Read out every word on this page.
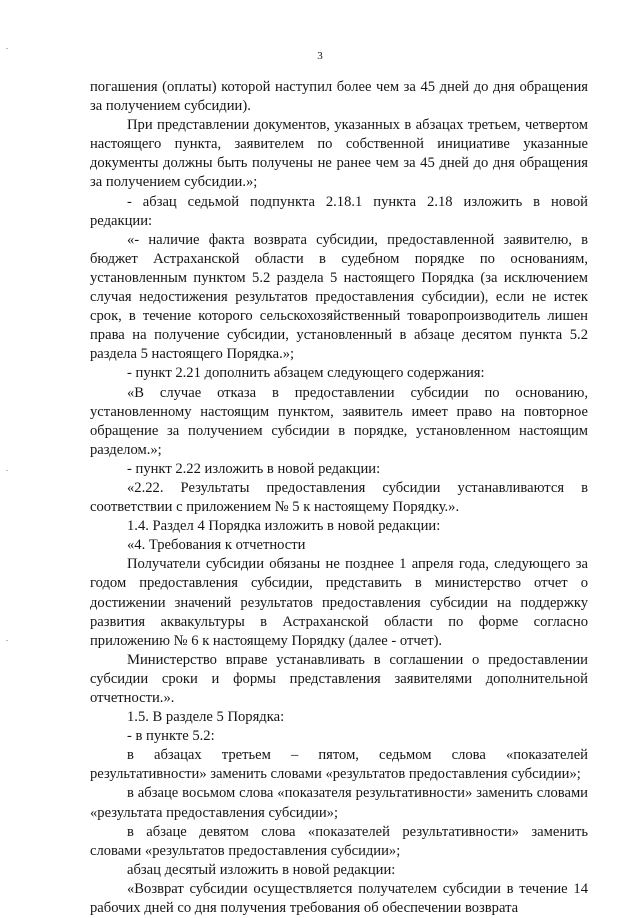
3

погашения (оплаты) которой наступил более чем за 45 дней до дня обращения за получением субсидии).

При представлении документов, указанных в абзацах третьем, четвертом настоящего пункта, заявителем по собственной инициативе указанные документы должны быть получены не ранее чем за 45 дней до дня обращения за получением субсидии.»;

- абзац седьмой подпункта 2.18.1 пункта 2.18 изложить в новой редакции:

«- наличие факта возврата субсидии, предоставленной заявителю, в бюджет Астраханской области в судебном порядке по основаниям, установленным пунктом 5.2 раздела 5 настоящего Порядка (за исключением случая недостижения результатов предоставления субсидии), если не истек срок, в течение которого сельскохозяйственный товаропроизводитель лишен права на получение субсидии, установленный в абзаце десятом пункта 5.2 раздела 5 настоящего Порядка.»;

- пункт 2.21 дополнить абзацем следующего содержания:

«В случае отказа в предоставлении субсидии по основанию, установленному настоящим пунктом, заявитель имеет право на повторное обращение за получением субсидии в порядке, установленном настоящим разделом.»;

- пункт 2.22 изложить в новой редакции:

«2.22. Результаты предоставления субсидии устанавливаются в соответствии с приложением № 5 к настоящему Порядку.».

1.4. Раздел 4 Порядка изложить в новой редакции:

«4. Требования к отчетности

Получатели субсидии обязаны не позднее 1 апреля года, следующего за годом предоставления субсидии, представить в министерство отчет о достижении значений результатов предоставления субсидии на поддержку развития аквакультуры в Астраханской области по форме согласно приложению № 6 к настоящему Порядку (далее - отчет).

Министерство вправе устанавливать в соглашении о предоставлении субсидии сроки и формы представления заявителями дополнительной отчетности.».

1.5. В разделе 5 Порядка:

- в пункте 5.2:

в абзацах третьем – пятом, седьмом слова «показателей результативности» заменить словами «результатов предоставления субсидии»;

в абзаце восьмом слова «показателя результативности» заменить словами «результата предоставления субсидии»;

в абзаце девятом слова «показателей результативности» заменить словами «результатов предоставления субсидии»;

абзац десятый изложить в новой редакции:

«Возврат субсидии осуществляется получателем субсидии в течение 14 рабочих дней со дня получения требования об обеспечении возврата
